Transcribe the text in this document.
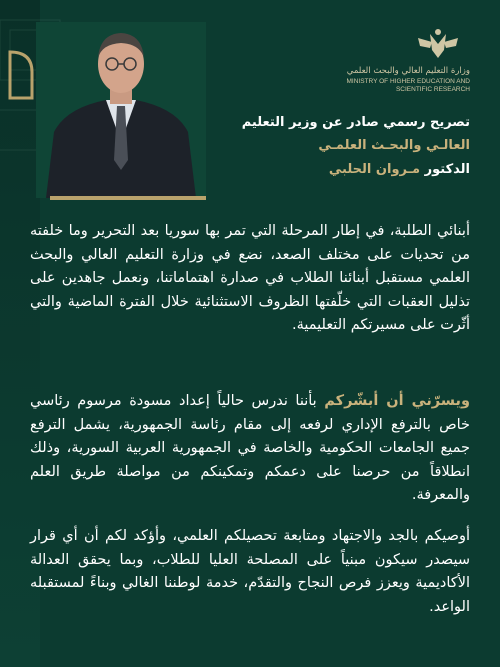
وزارة التعليم العالي والبحث العلمي
MINISTRY OF HIGHER EDUCATION AND
SCIENTIFIC RESEARCH
تصريح رسمي صادر عن وزير التعليم
العالـي والبحـث العلمـي
الدكتور مـروان الحلبي

أبنائي الطلبة، في إطار المرحلة التي تمر بها سوريا بعد التحرير وما خلفته من تحديات على مختلف الصعد، نضع في وزارة التعليم العالي والبحث العلمي مستقبل أبنائنا الطلاب في صدارة اهتماماتنا، ونعمل جاهدين على تذليل العقبات التي خلّفتها الظروف الاستثنائية خلال الفترة الماضية والتي أثّرت على مسيرتكم التعليمية.

ويسرّني أن أبشّركم بأننا ندرس حالياً إعداد مسودة مرسوم رئاسي خاص بالترفع الإداري لرفعه إلى مقام رئاسة الجمهورية، يشمل الترفع جميع الجامعات الحكومية والخاصة في الجمهورية العربية السورية، وذلك انطلاقاً من حرصنا على دعمكم وتمكينكم من مواصلة طريق العلم والمعرفة.

أوصيكم بالجد والاجتهاد ومتابعة تحصيلكم العلمي، وأؤكد لكم أن أي قرار سيصدر سيكون مبنياً على المصلحة العليا للطلاب، وبما يحقق العدالة الأكاديمية ويعزز فرص النجاح والتقدّم، خدمة لوطننا الغالي وبناءً لمستقبله الواعد.
